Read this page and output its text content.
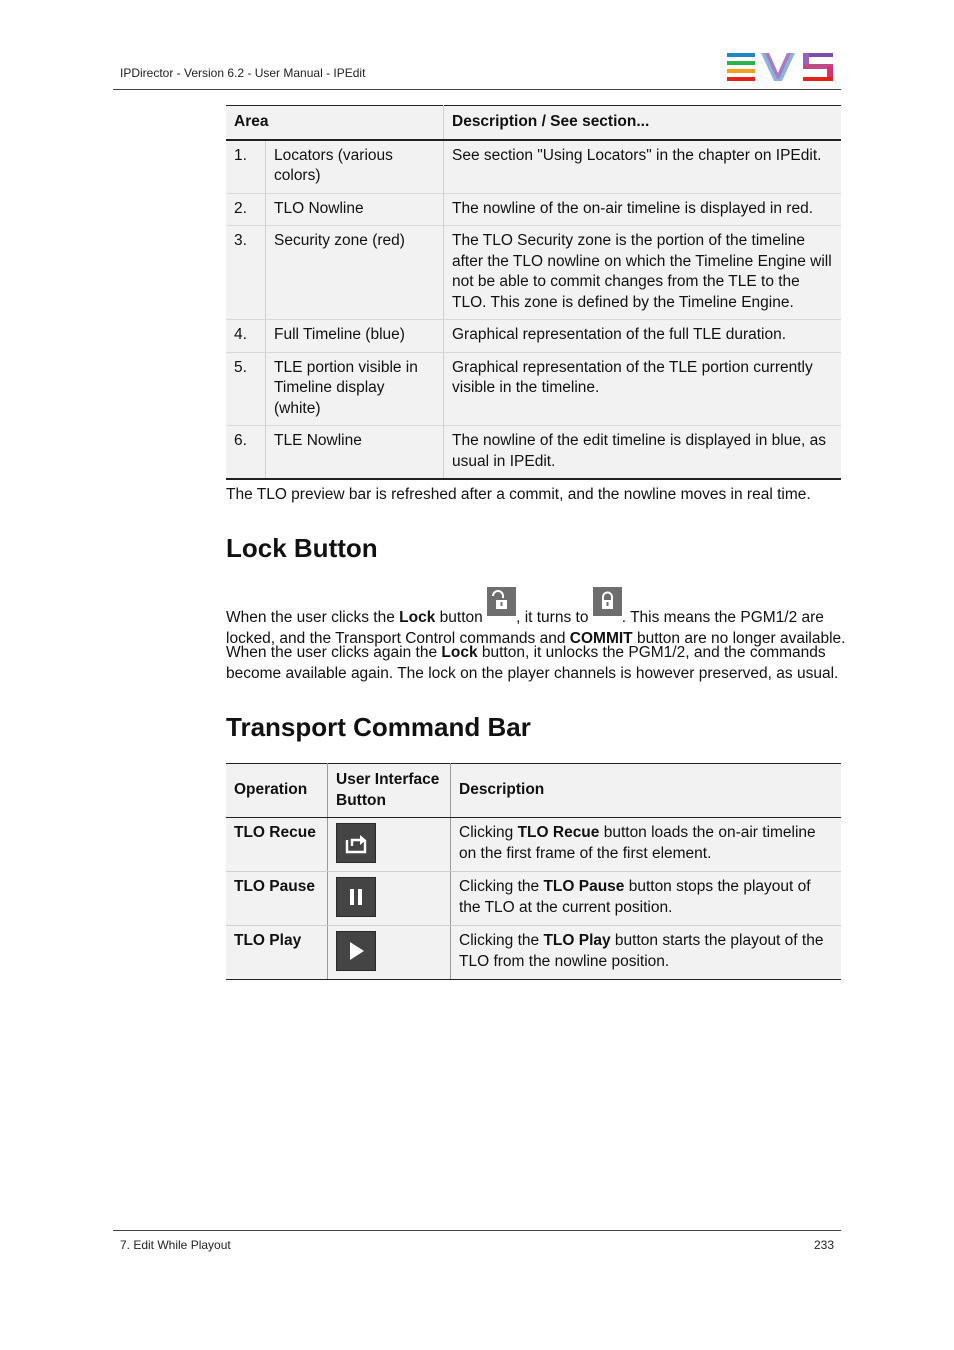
IPDirector - Version 6.2 - User Manual - IPEdit
Area		Description / See section...
1.	Locators (various colors)	See section "Using Locators" in the chapter on IPEdit.
2.	TLO Nowline	The nowline of the on-air timeline is displayed in red.
3.	Security zone (red)	The TLO Security zone is the portion of the timeline after the TLO nowline on which the Timeline Engine will not be able to commit changes from the TLE to the TLO. This zone is defined by the Timeline Engine.
4.	Full Timeline (blue)	Graphical representation of the full TLE duration.
5.	TLE portion visible in Timeline display (white)	Graphical representation of the TLE portion currently visible in the timeline.
6.	TLE Nowline	The nowline of the edit timeline is displayed in blue, as usual in IPEdit.
The TLO preview bar is refreshed after a commit, and the nowline moves in real time.
Lock Button
When the user clicks the Lock button , it turns to . This means the PGM1/2 are locked, and the Transport Control commands and COMMIT button are no longer available.
When the user clicks again the Lock button, it unlocks the PGM1/2, and the commands become available again. The lock on the player channels is however preserved, as usual.
Transport Command Bar
Operation	User Interface Button	Description
TLO Recue		Clicking TLO Recue button loads the on-air timeline on the first frame of the first element.
TLO Pause		Clicking the TLO Pause button stops the playout of the TLO at the current position.
TLO Play		Clicking the TLO Play button starts the playout of the TLO from the nowline position.
7. Edit While Playout	233
